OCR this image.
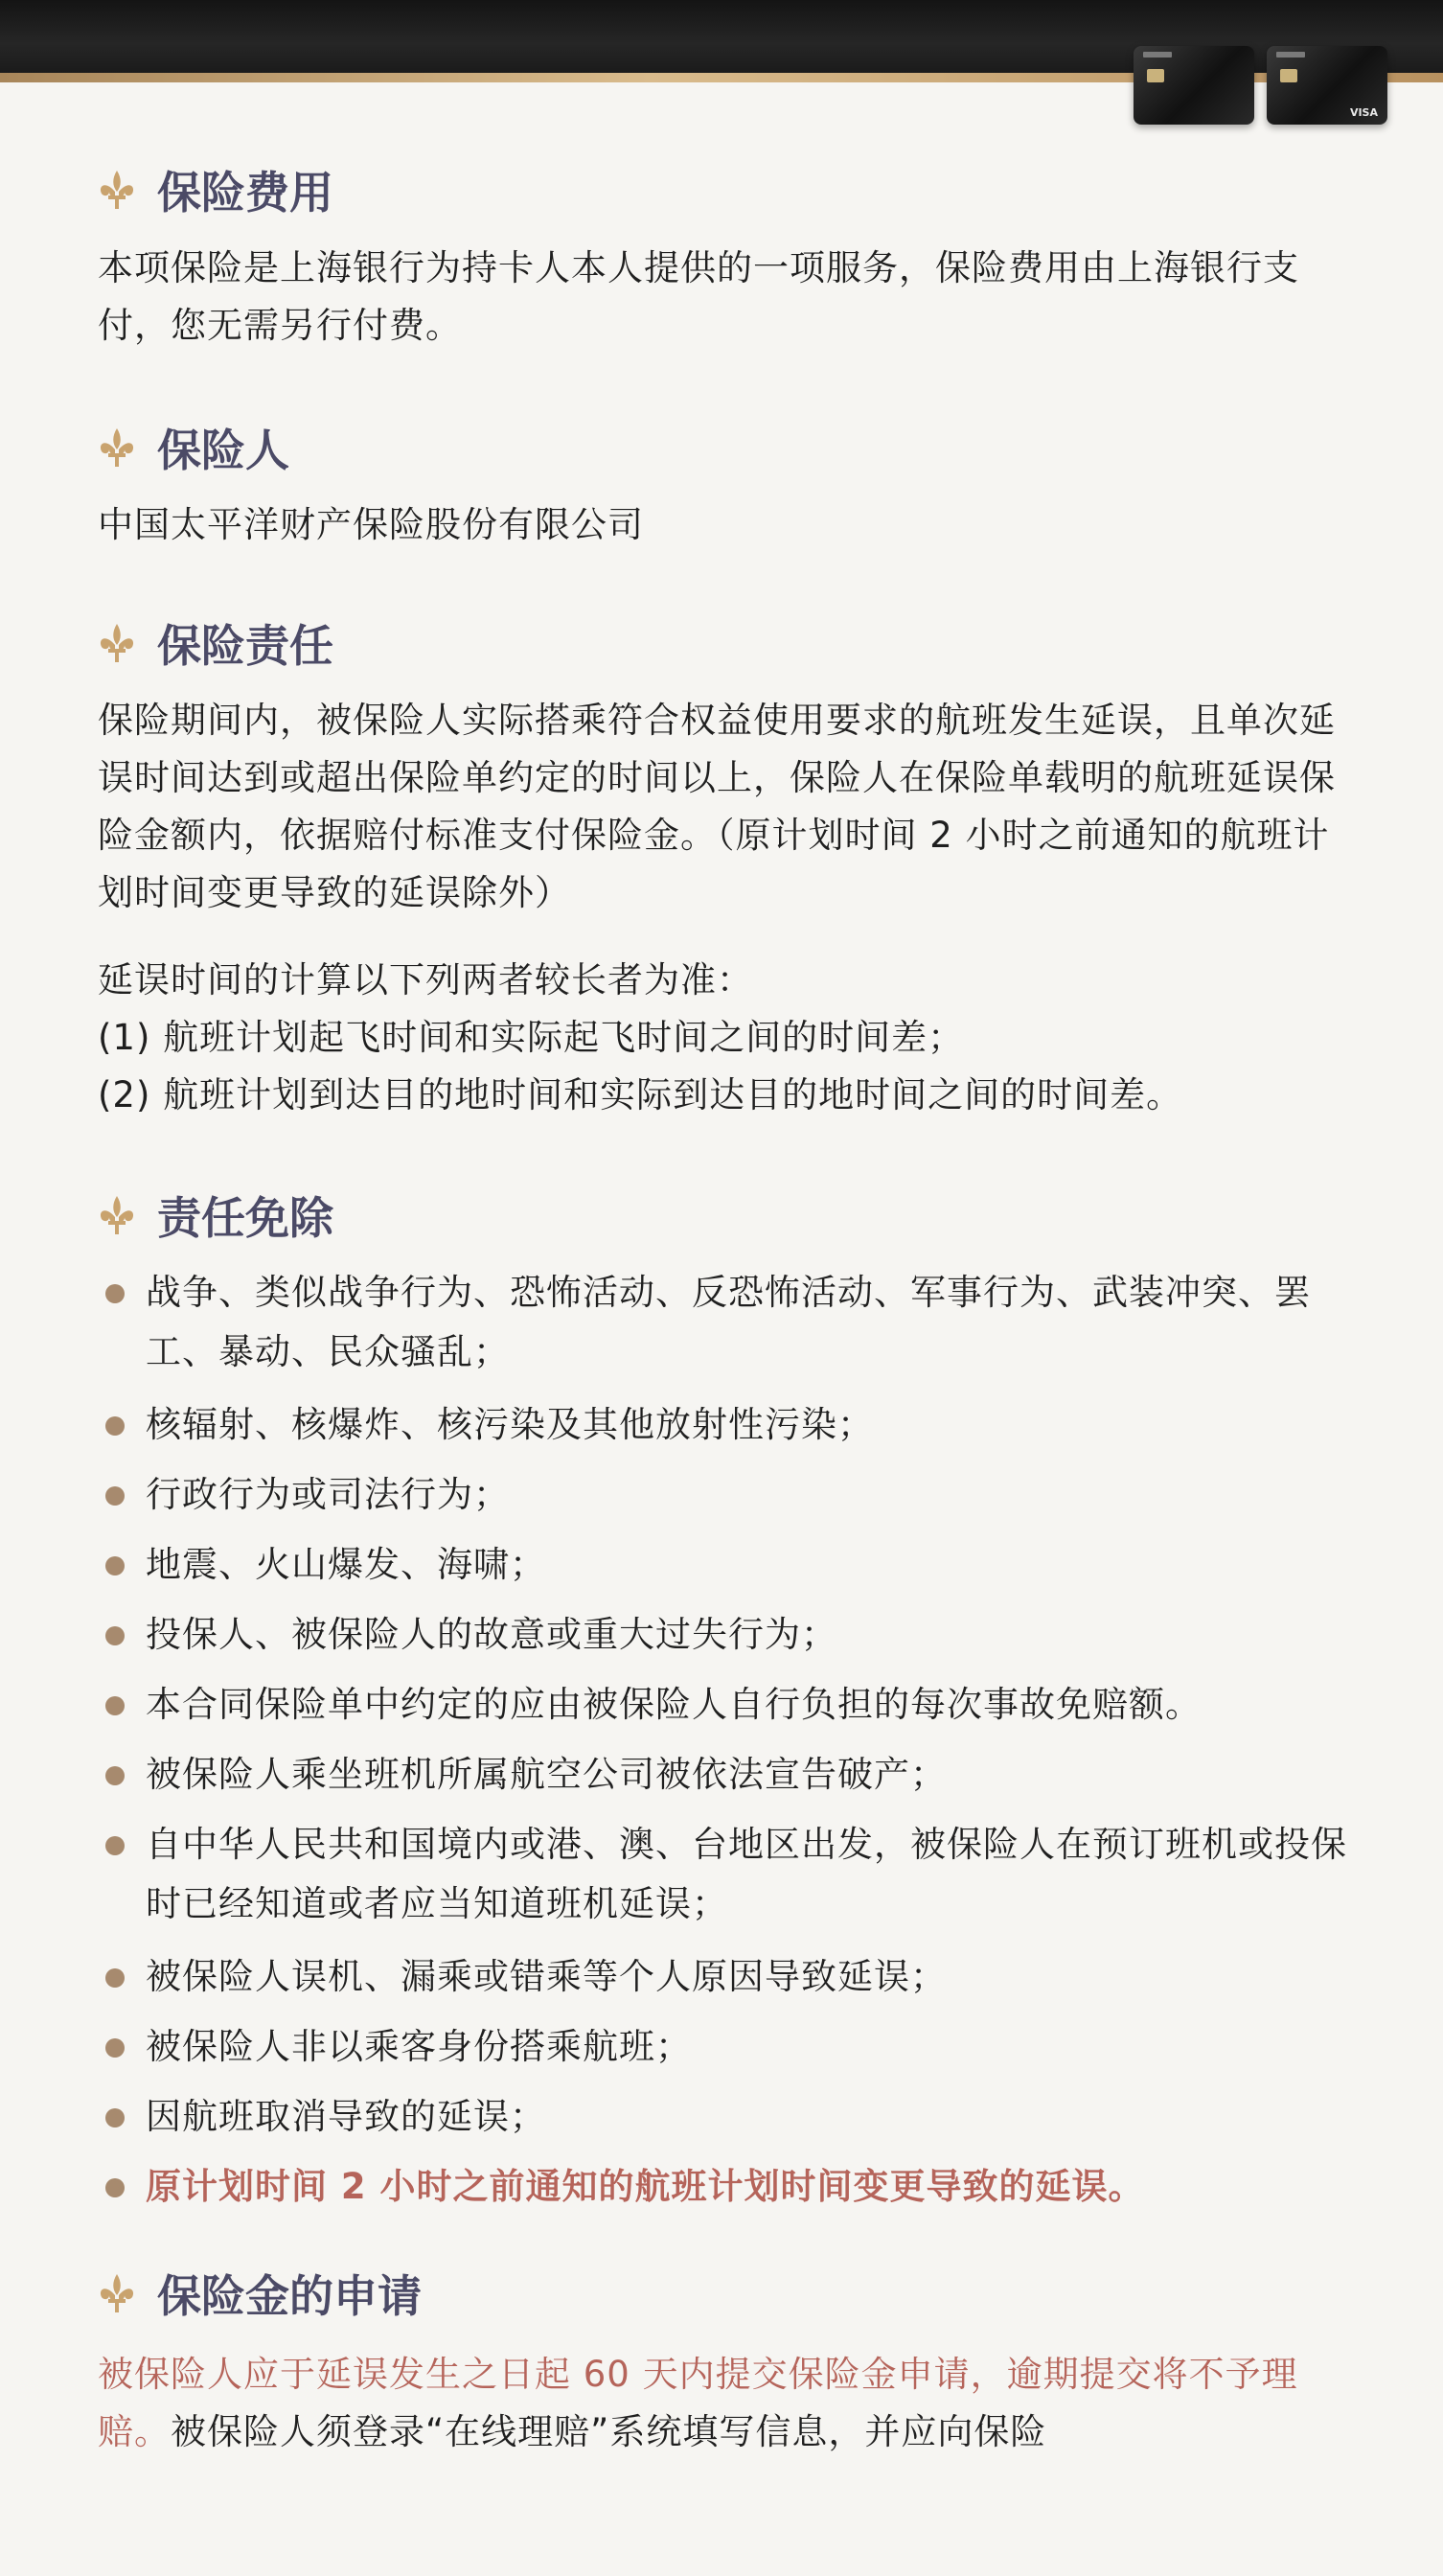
VISA
保险费用
本项保险是上海银行为持卡人本人提供的一项服务，保险费用由上海银行支付，您无需另行付费。
保险人
中国太平洋财产保险股份有限公司
保险责任
保险期间内，被保险人实际搭乘符合权益使用要求的航班发生延误，且单次延误时间达到或超出保险单约定的时间以上，保险人在保险单载明的航班延误保险金额内，依据赔付标准支付保险金。（原计划时间 2 小时之前通知的航班计划时间变更导致的延误除外）
延误时间的计算以下列两者较长者为准：
(1) 航班计划起飞时间和实际起飞时间之间的时间差；
(2) 航班计划到达目的地时间和实际到达目的地时间之间的时间差。
责任免除
战争、类似战争行为、恐怖活动、反恐怖活动、军事行为、武装冲突、罢工、暴动、民众骚乱；
核辐射、核爆炸、核污染及其他放射性污染；
行政行为或司法行为；
地震、火山爆发、海啸；
投保人、被保险人的故意或重大过失行为；
本合同保险单中约定的应由被保险人自行负担的每次事故免赔额。
被保险人乘坐班机所属航空公司被依法宣告破产；
自中华人民共和国境内或港、澳、台地区出发，被保险人在预订班机或投保时已经知道或者应当知道班机延误；
被保险人误机、漏乘或错乘等个人原因导致延误；
被保险人非以乘客身份搭乘航班；
因航班取消导致的延误；
原计划时间 2 小时之前通知的航班计划时间变更导致的延误。
保险金的申请
被保险人应于延误发生之日起 60 天内提交保险金申请，逾期提交将不予理赔。被保险人须登录“在线理赔”系统填写信息，并应向保险
